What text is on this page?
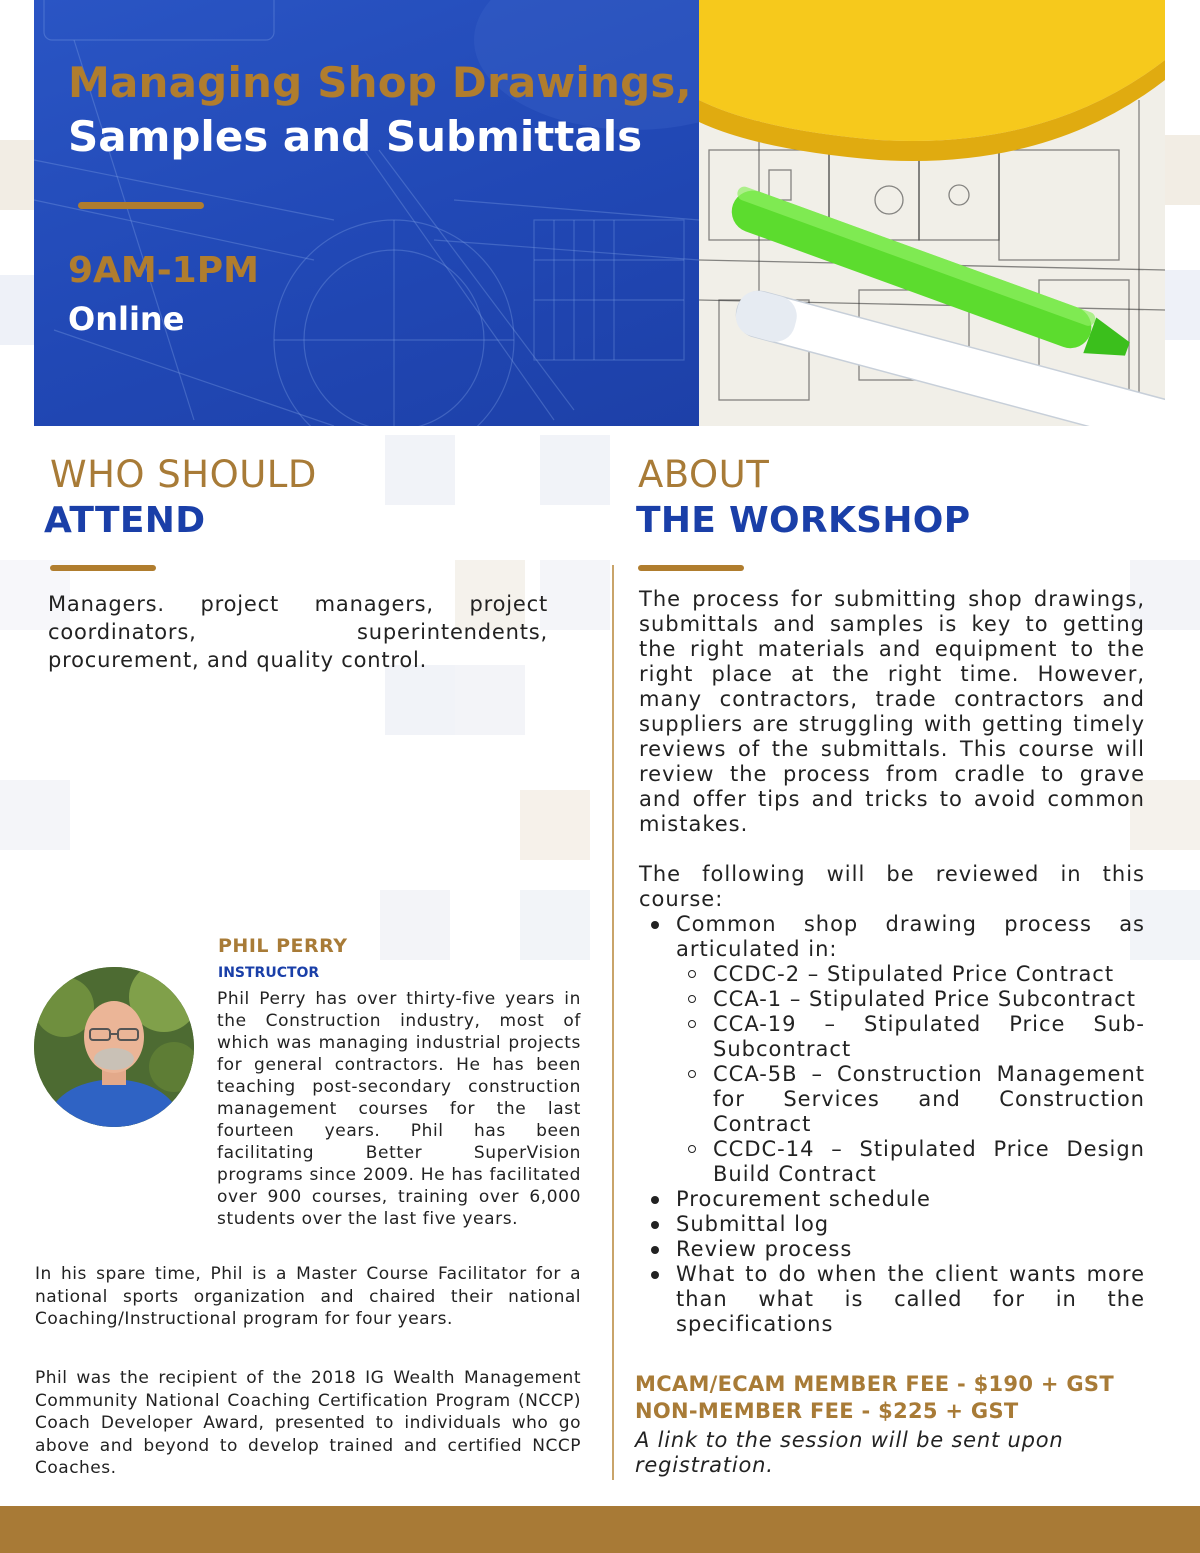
Managing Shop Drawings,
Samples and Submittals
9AM-1PM
Online
WHO SHOULD
ATTEND
Managers. project managers, project coordinators, superintendents, procurement, and quality control.
ABOUT
THE WORKSHOP

The process for submitting shop drawings, submittals and samples is key to getting the right materials and equipment to the right place at the right time. However, many contractors, trade contractors and suppliers are struggling with getting timely reviews of the submittals. This course will review the process from cradle to grave and offer tips and tricks to avoid common mistakes.

The following will be reviewed in this course:

Common shop drawing process as articulated in:
CCDC-2 – Stipulated Price Contract
CCA-1 – Stipulated Price Subcontract
CCA-19 – Stipulated Price Sub-Subcontract
CCA-5B – Construction Management for Services and Construction Contract
CCDC-14 – Stipulated Price Design Build Contract
Procurement schedule
Submittal log
Review process
What to do when the client wants more than what is called for in the specifications
MCAM/ECAM MEMBER FEE - $190 + GST
NON-MEMBER FEE - $225 + GST
A link to the session will be sent upon registration.
PHIL PERRY
INSTRUCTOR
Phil Perry has over thirty-five years in the Construction industry, most of which was managing industrial projects for general contractors. He has been teaching post-secondary construction management courses for the last fourteen years. Phil has been facilitating Better SuperVision programs since 2009. He has facilitated over 900 courses, training over 6,000 students over the last five years.
In his spare time, Phil is a Master Course Facilitator for a national sports organization and chaired their national Coaching/Instructional program for four years.
Phil was the recipient of the 2018 IG Wealth Management Community National Coaching Certification Program (NCCP) Coach Developer Award, presented to individuals who go above and beyond to develop trained and certified NCCP Coaches.
